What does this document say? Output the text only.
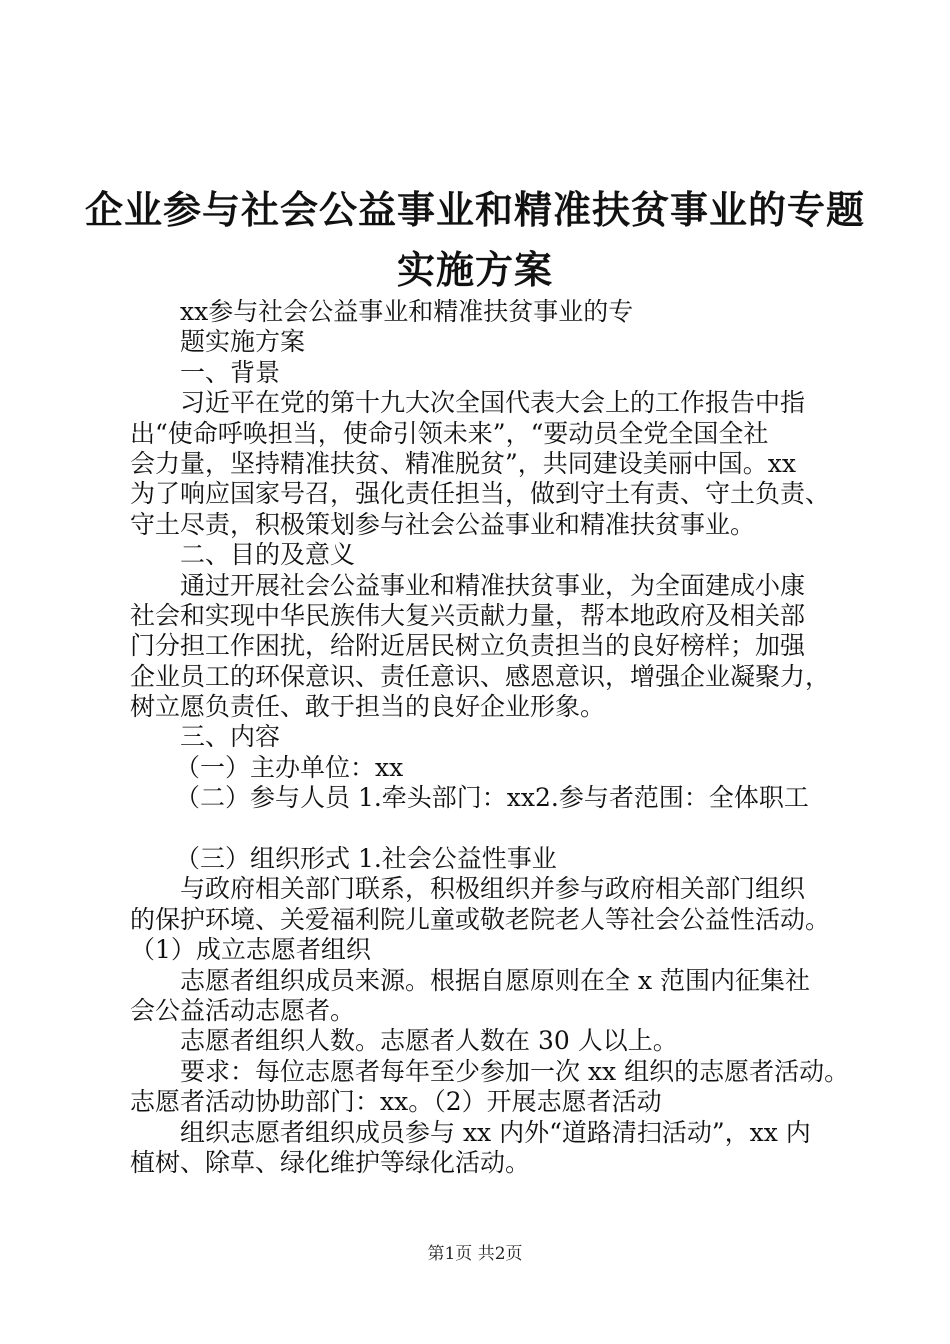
企业参与社会公益事业和精准扶贫事业的专题
实施方案
xx参与社会公益事业和精准扶贫事业的专
题实施方案
一、背景
习近平在党的第十九大次全国代表大会上的工作报告中指
出“使命呼唤担当，使命引领未来”，“要动员全党全国全社
会力量，坚持精准扶贫、精准脱贫”，共同建设美丽中国。xx
为了响应国家号召，强化责任担当，做到守土有责、守土负责、
守土尽责，积极策划参与社会公益事业和精准扶贫事业。
二、目的及意义
通过开展社会公益事业和精准扶贫事业，为全面建成小康
社会和实现中华民族伟大复兴贡献力量，帮本地政府及相关部
门分担工作困扰，给附近居民树立负责担当的良好榜样；加强
企业员工的环保意识、责任意识、感恩意识，增强企业凝聚力，
树立愿负责任、敢于担当的良好企业形象。
三、内容
（一）主办单位：xx
（二）参与人员 1.牵头部门：xx2.参与者范围：全体职工
（三）组织形式 1.社会公益性事业
与政府相关部门联系，积极组织并参与政府相关部门组织
的保护环境、关爱福利院儿童或敬老院老人等社会公益性活动。
（1）成立志愿者组织
志愿者组织成员来源。根据自愿原则在全 x 范围内征集社
会公益活动志愿者。
志愿者组织人数。志愿者人数在 30 人以上。
要求：每位志愿者每年至少参加一次 xx 组织的志愿者活动。
志愿者活动协助部门：xx。（2）开展志愿者活动
组织志愿者组织成员参与 xx 内外“道路清扫活动”，xx 内
植树、除草、绿化维护等绿化活动。
第1页 共2页
